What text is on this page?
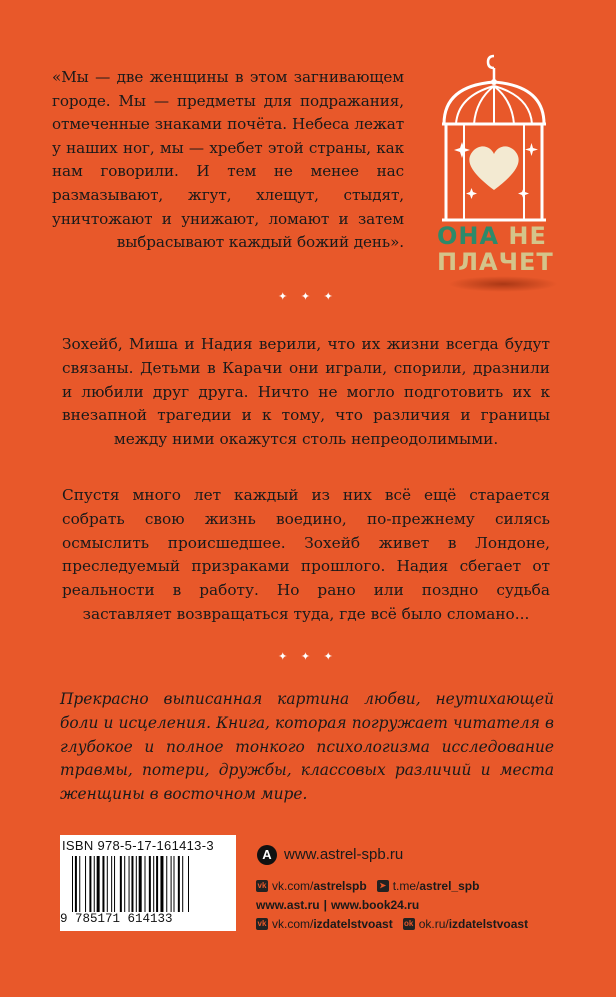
«Мы — две женщины в этом загнивающем городе. Мы — предметы для подражания, отмеченные знаками почёта. Небеса лежат у наших ног, мы — хребет этой страны, как нам говорили. И тем не менее нас размазывают, жгут, хлещут, стыдят, уничтожают и унижают, ломают и затем выбрасывают каждый божий день». ОНА НЕ
ПЛАЧЕТ
✦ ✦ ✦
Зохейб, Миша и Надия верили, что их жизни всегда будут связаны. Детьми в Карачи они играли, спорили, дразнили и любили друг друга. Ничто не могло подготовить их к внезапной трагедии и к тому, что различия и границы между ними окажутся столь непреодолимыми.
Спустя много лет каждый из них всё ещё старается собрать свою жизнь воедино, по-прежнему силясь осмыслить происшедшее. Зохейб живет в Лондоне, преследуемый призраками прошлого. Надия сбегает от реальности в работу. Но рано или поздно судьба заставляет возвращаться туда, где всё было сломано...
✦ ✦ ✦
Прекрасно выписанная картина любви, неутихающей боли и исцеления. Книга, которая погружает читателя в глубокое и полное тонкого психологизма исследование травмы, потери, дружбы, классовых различий и места женщины в восточном мире.
ISBN 978-5-17-161413-3
9 785171 614133
A www.astrel-spb.ru
vk vk.com/astrelspb	➤ t.me/astrel_spb
www.ast.ru | www.book24.ru
vk vk.com/izdatelstvoast ok ok.ru/izdatelstvoast
